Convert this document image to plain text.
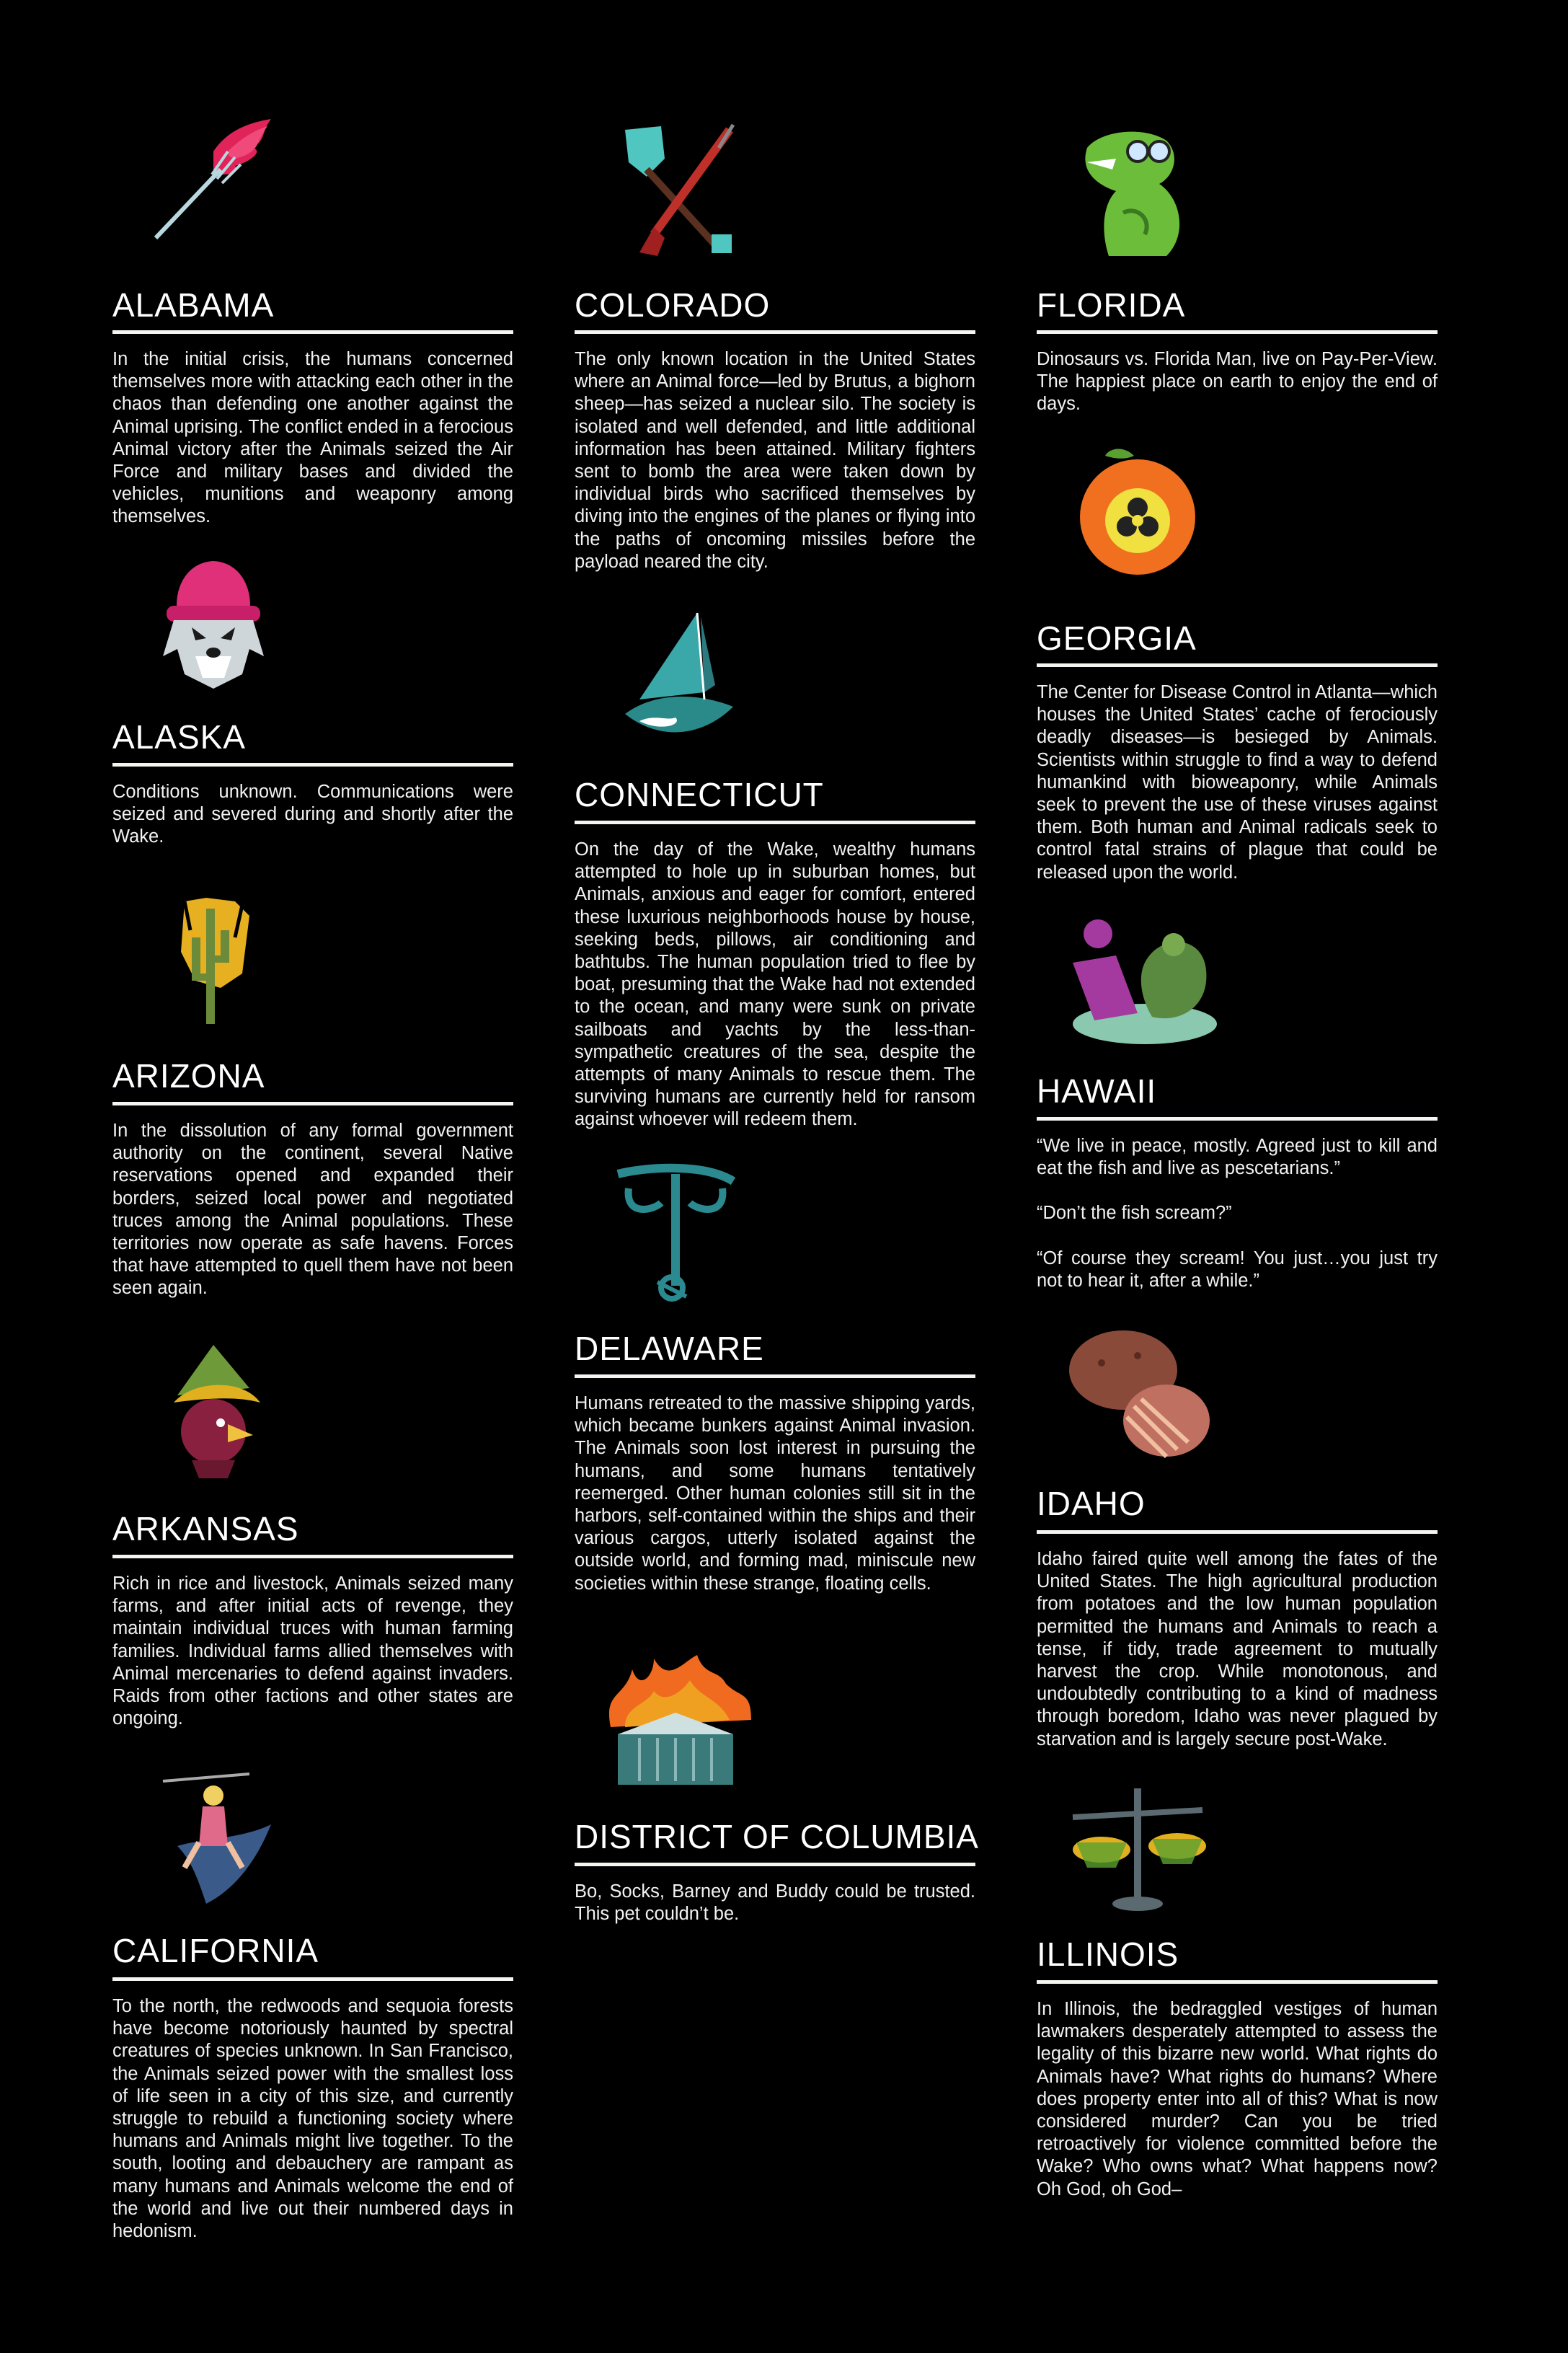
ALABAMA

In the initial crisis, the humans concerned themselves more with attacking each other in the chaos than defending one another against the Animal uprising. The conflict ended in a ferocious Animal victory after the Animals seized the Air Force and military bases and divided the vehicles, munitions and weaponry among themselves.

ALASKA

Conditions unknown. Communications were seized and severed during and shortly after the Wake.

ARIZONA

In the dissolution of any formal government authority on the continent, several Native reservations opened and expanded their borders, seized local power and negotiated truces among the Animal populations. These territories now operate as safe havens. Forces that have attempted to quell them have not been seen again.

ARKANSAS

Rich in rice and livestock, Animals seized many farms, and after initial acts of revenge, they maintain individual truces with human farming families. Individual farms allied themselves with Animal mercenaries to defend against invaders. Raids from other factions and other states are ongoing.

CALIFORNIA

To the north, the redwoods and sequoia forests have become notoriously haunted by spectral creatures of species unknown. In San Francisco, the Animals seized power with the smallest loss of life seen in a city of this size, and currently struggle to rebuild a functioning society where humans and Animals might live together. To the south, looting and debauchery are rampant as many humans and Animals welcome the end of the world and live out their numbered days in hedonism.

COLORADO

The only known location in the United States where an Animal force—led by Brutus, a bighorn sheep—has seized a nuclear silo. The society is isolated and well defended, and little additional information has been attained. Military fighters sent to bomb the area were taken down by individual birds who sacrificed themselves by diving into the engines of the planes or flying into the paths of oncoming missiles before the payload neared the city.

CONNECTICUT

On the day of the Wake, wealthy humans attempted to hole up in suburban homes, but Animals, anxious and eager for comfort, entered these luxurious neighborhoods house by house, seeking beds, pillows, air conditioning and bathtubs. The human population tried to flee by boat, presuming that the Wake had not extended to the ocean, and many were sunk on private sailboats and yachts by the less-than-sympathetic creatures of the sea, despite the attempts of many Animals to rescue them. The surviving humans are currently held for ransom against whoever will redeem them.

DELAWARE

Humans retreated to the massive shipping yards, which became bunkers against Animal invasion. The Animals soon lost interest in pursuing the humans, and some humans tentatively reemerged. Other human colonies still sit in the harbors, self-contained within the ships and their various cargos, utterly isolated against the outside world, and forming mad, miniscule new societies within these strange, floating cells.

DISTRICT OF COLUMBIA

Bo, Socks, Barney and Buddy could be trusted. This pet couldn’t be.

FLORIDA

Dinosaurs vs. Florida Man, live on Pay-Per-View. The happiest place on earth to enjoy the end of days.

GEORGIA

The Center for Disease Control in Atlanta—which houses the United States’ cache of ferociously deadly diseases—is besieged by Animals. Scientists within struggle to find a way to defend humankind with bioweaponry, while Animals seek to prevent the use of these viruses against them. Both human and Animal radicals seek to control fatal strains of plague that could be released upon the world.

HAWAII

“We live in peace, mostly. Agreed just to kill and eat the fish and live as pescetarians.”

“Don’t the fish scream?”

“Of course they scream! You just…you just try not to hear it, after a while.”

IDAHO

Idaho faired quite well among the fates of the United States. The high agricultural production from potatoes and the low human population permitted the humans and Animals to reach a tense, if tidy, trade agreement to mutually harvest the crop. While monotonous, and undoubtedly contributing to a kind of madness through boredom, Idaho was never plagued by starvation and is largely secure post-Wake.

ILLINOIS

In Illinois, the bedraggled vestiges of human lawmakers desperately attempted to assess the legality of this bizarre new world. What rights do Animals have? What rights do humans? Where does property enter into all of this? What is now considered murder? Can you be tried retroactively for violence committed before the Wake? Who owns what? What happens now? Oh God, oh God–
